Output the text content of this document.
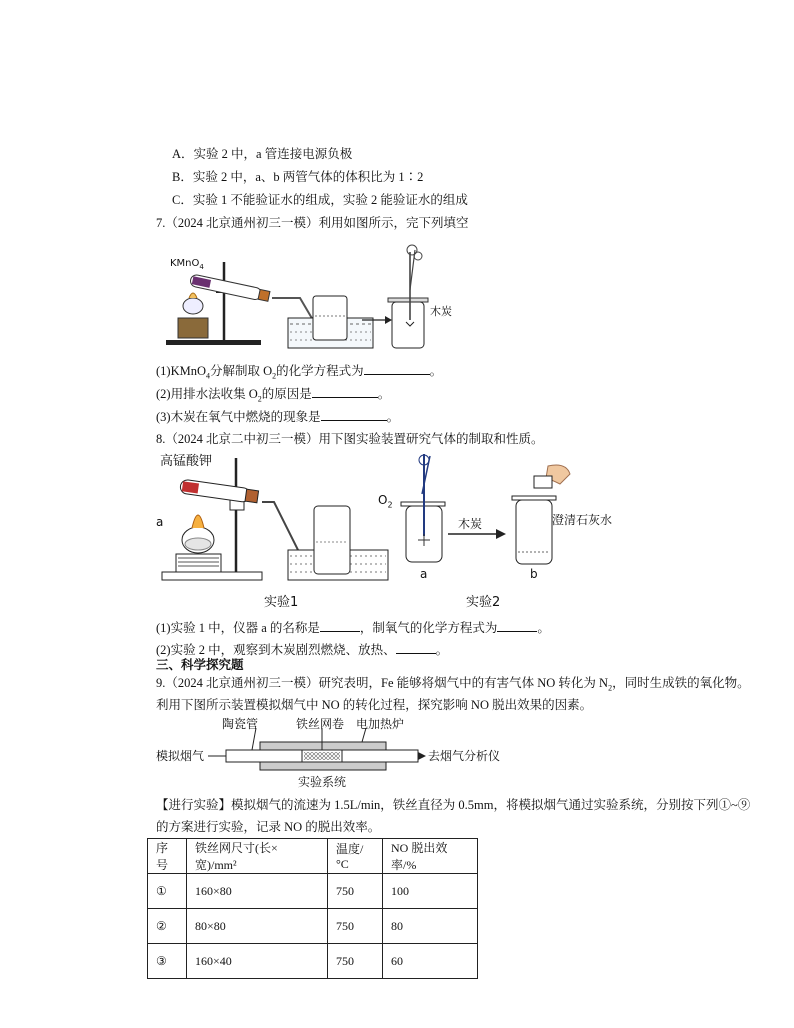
A．实验 2 中，a 管连接电源负极
B．实验 2 中，a、b 两管气体的体积比为 1∶2
C．实验 1 不能验证水的组成，实验 2 能验证水的组成
7.（2024 北京通州初三一模）利用如图所示，完下列填空
KMnO$_4$
木炭
(1)KMnO$_4$分解制取 $O_2$的化学方程式为	。
(2)用排水法收集 $O_2$的原因是	。
(3)木炭在氧气中燃烧的现象是	。
8.（2024 北京二中初三一模）用下图实验装置研究气体的制取和性质。
高锰酸钾
a
$O_2$
木炭	澄清石灰水
a	b
实验1	实验2
(1)实验 1 中，仪器 a 的名称是	，制氧气的化学方程式为	。
(2)实验 2 中，观察到木炭剧烈燃烧、放热、	。
三、科学探究题
9.（2024 北京通州初三一模）研究表明，Fe 能够将烟气中的有害气体 NO 转化为 $N_2$，同时生成铁的氧化物。
利用下图所示装置模拟烟气中 NO 的转化过程，探究影响 NO 脱出效果的因素。
陶瓷管	铁丝网卷 电加热炉
模拟烟气	去烟气分析仪
实验系统
【进行实验】模拟烟气的流速为 1.5L/min，铁丝直径为 0.5mm，将模拟烟气通过实验系统，分别按下列①~⑨
的方案进行实验，记录 NO 的脱出效率。
序号	铁丝网尺寸(长×宽)/mm²	温度/°C	NO 脱出效率/%
①	160×80	750	100
②	80×80	750	80
③	160×40	750	60
